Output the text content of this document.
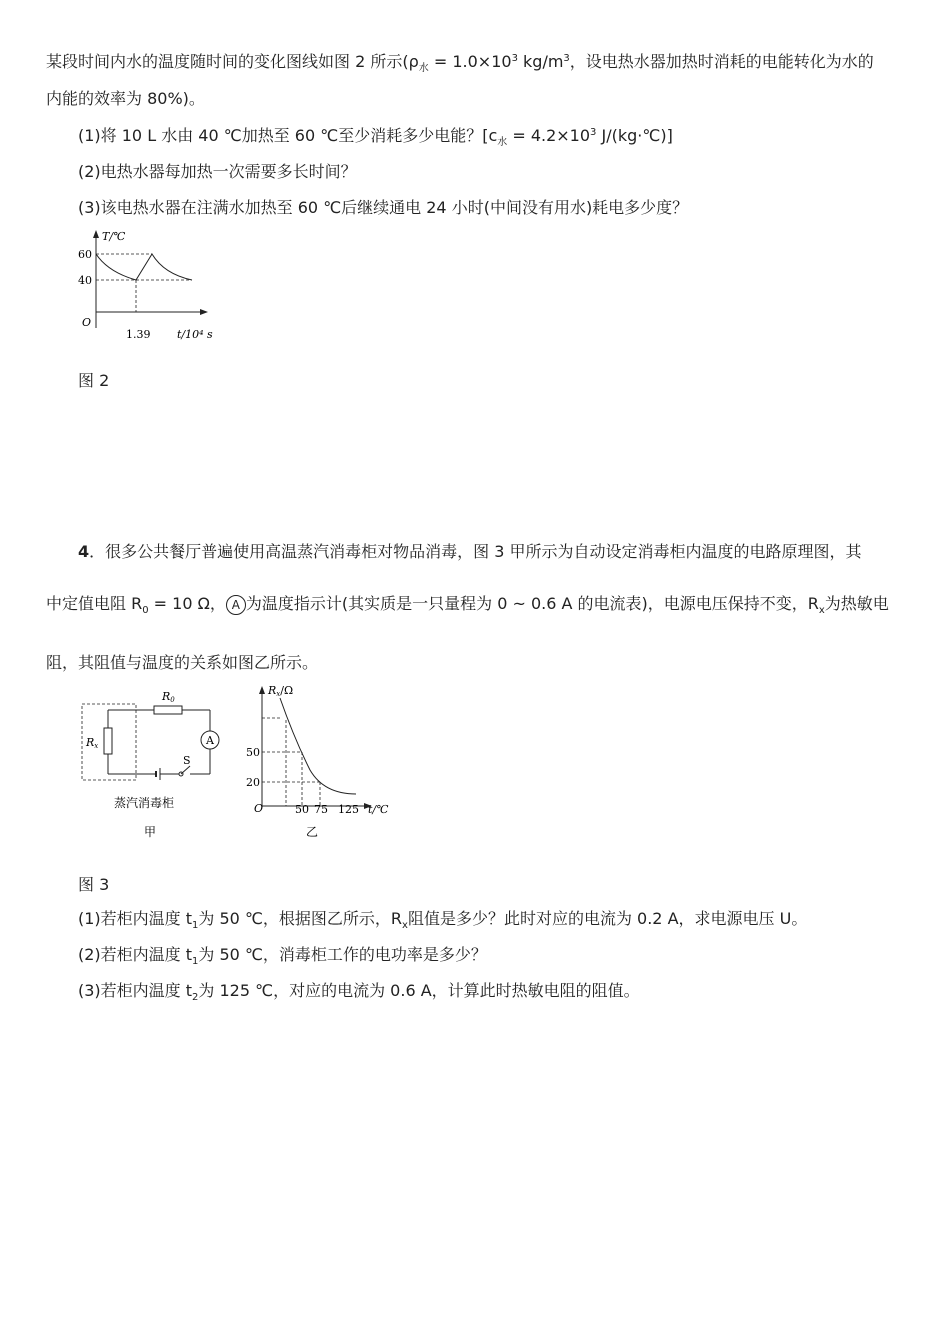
某段时间内水的温度随时间的变化图线如图 2 所示($\rho_水 = 1.0\times 10^3$ $kg/m^3$，设电热水器加热时消耗的电能转化为水的
内能的效率为 80%)。
(1)将 10 L 水由 40 ℃加热至 60 ℃至少消耗多少电能？[$c_水 = 4.2\times 10^3$ J/(kg·℃)]
(2)电热水器每加热一次需要多长时间？
(3)该电热水器在注满水加热至 60 ℃后继续通电 24 小时(中间没有用水)耗电多少度？
T/℃
60
40
O
1.39 t/10⁴ s
图 2
4．很多公共餐厅普遍使用高温蒸汽消毒柜对物品消毒，图 3 甲所示为自动设定消毒柜内温度的电路原理图，其
中定值电阻 $R_0 = 10$ Ω， A 为温度指示计(其实质是一只量程为 0 ~ 0.6 A 的电流表)，电源电压保持不变，$R_x$为热敏电
阻，其阻值与温度的关系如图乙所示。
A
S
R0
Rx
蒸汽消毒柜
甲
Rx/Ω
50
20
O	50 75 125 t/℃
乙
图 3
(1)若柜内温度 $t_1$为 50 ℃，根据图乙所示，$R_x$阻值是多少？此时对应的电流为 0.2 A，求电源电压 U。
(2)若柜内温度 $t_1$为 50 ℃，消毒柜工作的电功率是多少？
(3)若柜内温度 $t_2$为 125 ℃，对应的电流为 0.6 A，计算此时热敏电阻的阻值。
